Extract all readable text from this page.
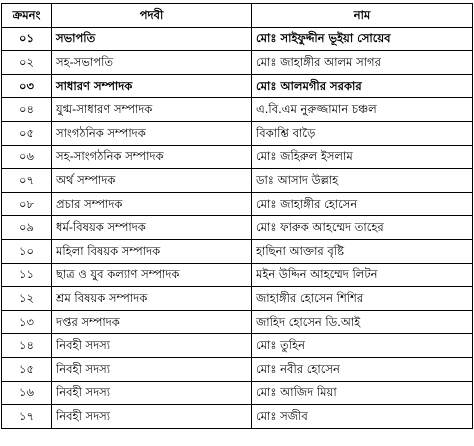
ক্রমনং	পদবী	নাম
০১	সভাপতি	মোঃ সাইফুদ্দীন ভূইয়া সোয়েব
০২	সহ-সভাপতি	মোঃ জাহাঙ্গীর আলম সাগর
০৩	সাধারণ সম্পাদক	মোঃ আলমগীর সরকার
০৪	যুগ্ম-সাধারণ সম্পাদক	এ.বি.এম নুরুজ্জামান চঞ্চল
০৫	সাংগঠনিক সম্পাদক	বিকাশ্তি বাড়ৈ
০৬	সহ-সাংগঠনিক সম্পাদক	মোঃ জহিরুল ইসলাম
০৭	অর্থ সম্পাদক	ডাঃ আসাদ উল্লাহ
০৮	প্রচার সম্পাদক	মোঃ জাহাঙ্গীর হোসেন
০৯	ধর্ম-বিষয়ক সম্পাদক	মোঃ ফারুক আহম্মেদ তাহের
১০	মহিলা বিষয়ক সম্পাদক	হাছিনা আক্তার বৃষ্টি
১১	ছাত্র ও যুব কল্যাণ সম্পাদক	মইন উদ্দিন আহম্মেদ লিটন
১২	শ্রম বিষয়ক সম্পাদক	জাহাঙ্গীর হোসেন শিশির
১৩	দপ্তর সম্পাদক	জাহিদ হোসেন ডি.আই
১৪	নিবহী সদস্য	মোঃ তুহিন
১৫	নিবহী সদস্য	মোঃ নবীর হোসেন
১৬	নিবহী সদস্য	মোঃ আজিদ মিয়া
১৭	নিবহী সদস্য	মোঃ সজীব
